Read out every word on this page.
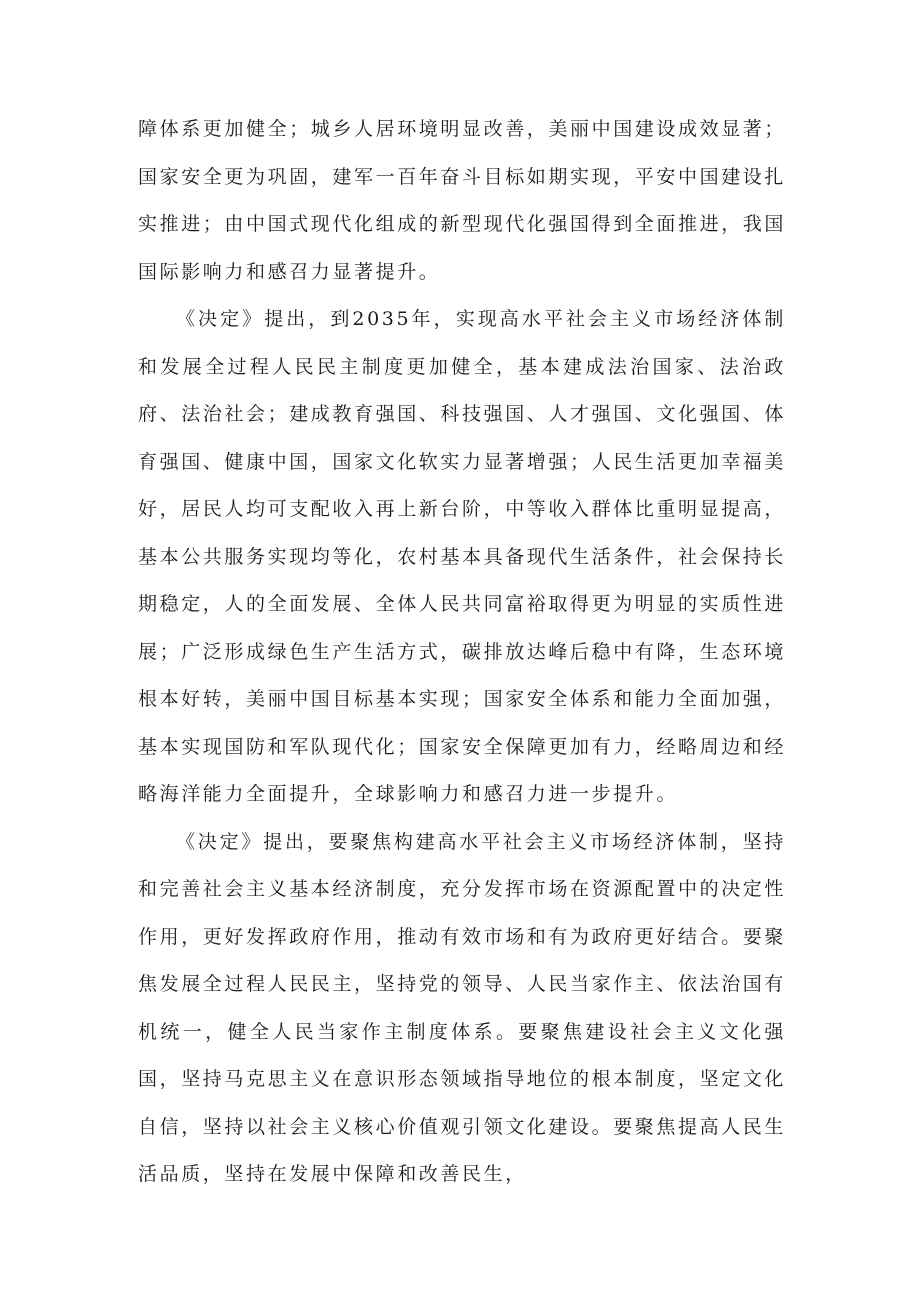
障体系更加健全；城乡人居环境明显改善，美丽中国建设成效显著；国家安全更为巩固，建军一百年奋斗目标如期实现，平安中国建设扎实推进；由中国式现代化组成的新型现代化强国得到全面推进，我国国际影响力和感召力显著提升。

《决定》提出，到2035年，实现高水平社会主义市场经济体制和发展全过程人民民主制度更加健全，基本建成法治国家、法治政府、法治社会；建成教育强国、科技强国、人才强国、文化强国、体育强国、健康中国，国家文化软实力显著增强；人民生活更加幸福美好，居民人均可支配收入再上新台阶，中等收入群体比重明显提高，基本公共服务实现均等化，农村基本具备现代生活条件，社会保持长期稳定，人的全面发展、全体人民共同富裕取得更为明显的实质性进展；广泛形成绿色生产生活方式，碳排放达峰后稳中有降，生态环境根本好转，美丽中国目标基本实现；国家安全体系和能力全面加强，基本实现国防和军队现代化；国家安全保障更加有力，经略周边和经略海洋能力全面提升，全球影响力和感召力进一步提升。

《决定》提出，要聚焦构建高水平社会主义市场经济体制，坚持和完善社会主义基本经济制度，充分发挥市场在资源配置中的决定性作用，更好发挥政府作用，推动有效市场和有为政府更好结合。要聚焦发展全过程人民民主，坚持党的领导、人民当家作主、依法治国有机统一，健全人民当家作主制度体系。要聚焦建设社会主义文化强国，坚持马克思主义在意识形态领域指导地位的根本制度，坚定文化自信，坚持以社会主义核心价值观引领文化建设。要聚焦提高人民生活品质，坚持在发展中保障和改善民生，
